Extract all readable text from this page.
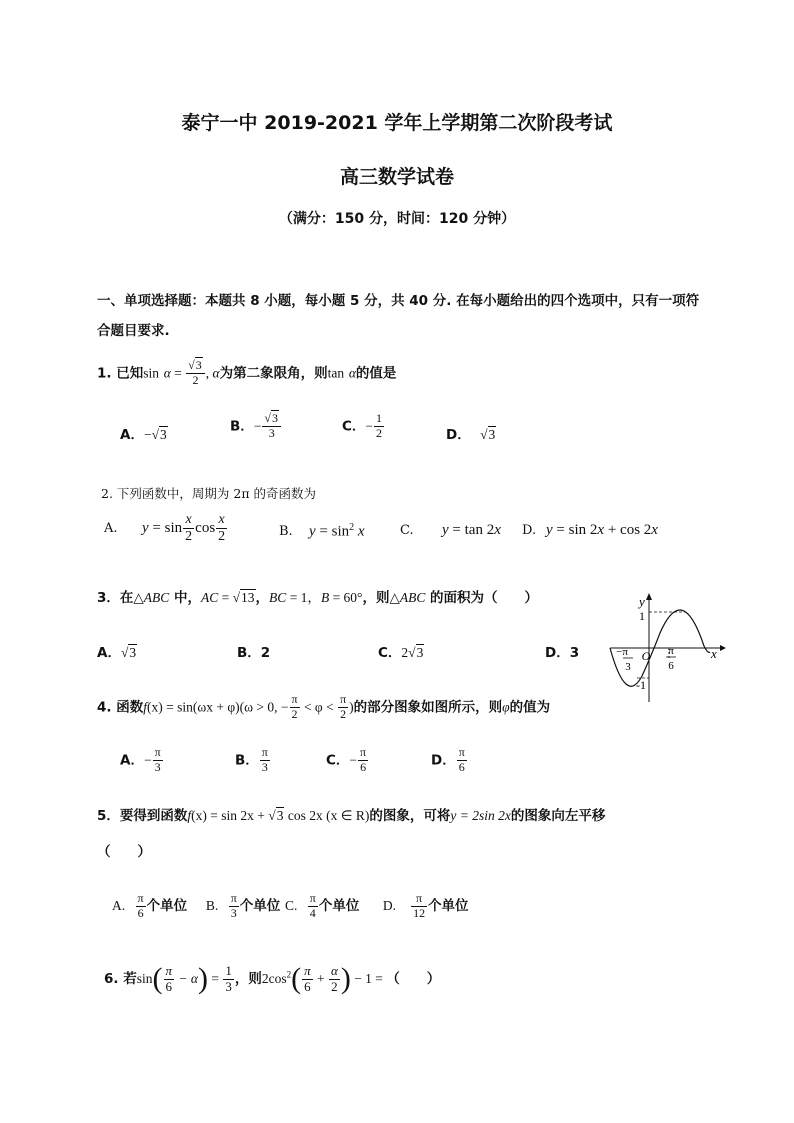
泰宁一中 2019-2021 学年上学期第二次阶段考试
高三数学试卷
（满分：150 分，时间：120 分钟）
一、单项选择题：本题共 8 小题，每小题 5 分，共 40 分. 在每小题给出的四个选项中，只有一项符
合题目要求.
1. 已知$\sin \alpha = \frac{√3}{2}$ , α为第二象限角，则tan α的值是
A．−√3
B．− $\frac{√3}{3}$	C．− $\frac{1}{2}$	D． √3
2. 下列函数中，周期为 2π 的奇函数为
A. $y = \sin \frac{x}{2}$ $\cos \frac{x}{2}$	B. $y = \sin^2 x$	C. y = tan 2x D. y = sin 2x + cos 2x
3．在△ABC 中，AC = √13，BC = 1，B = 60°，则△ABC 的面积为（　　）
A．√3	B．2	C．2√3	D．3
y
x
1
-1
O
−π
3
π
6
4. 函数f(x) = sin(ωx + φ)(ω > 0, − $\frac{\pi}{2} < \varphi < \frac{\pi}{2}$ )的部分图象如图所示，则φ的值为
A．− $\frac{\pi}{3}$	B． $\frac{\pi}{3}$	C．− $\frac{\pi}{6}$	D． $\frac{\pi}{6}$
5．要得到函数f(x) = sin 2x + √3 cos 2x (x ∈ R)的图象，可将y = 2sin 2x的图象向左平移
（　　）
A. $\frac{\pi}{6}$ 个单位 B. $\frac{\pi}{3}$ 个单位 C. $\frac{\pi}{4}$ 个单位 D. $\frac{\pi}{12}$ 个单位
6. 若$\sin( \frac{\pi}{6} - \alpha) = \frac{1}{3}$ ，则$2\cos^2( \frac{\pi}{6} + \frac{\alpha}{2}$ ) − 1 = （　　）
